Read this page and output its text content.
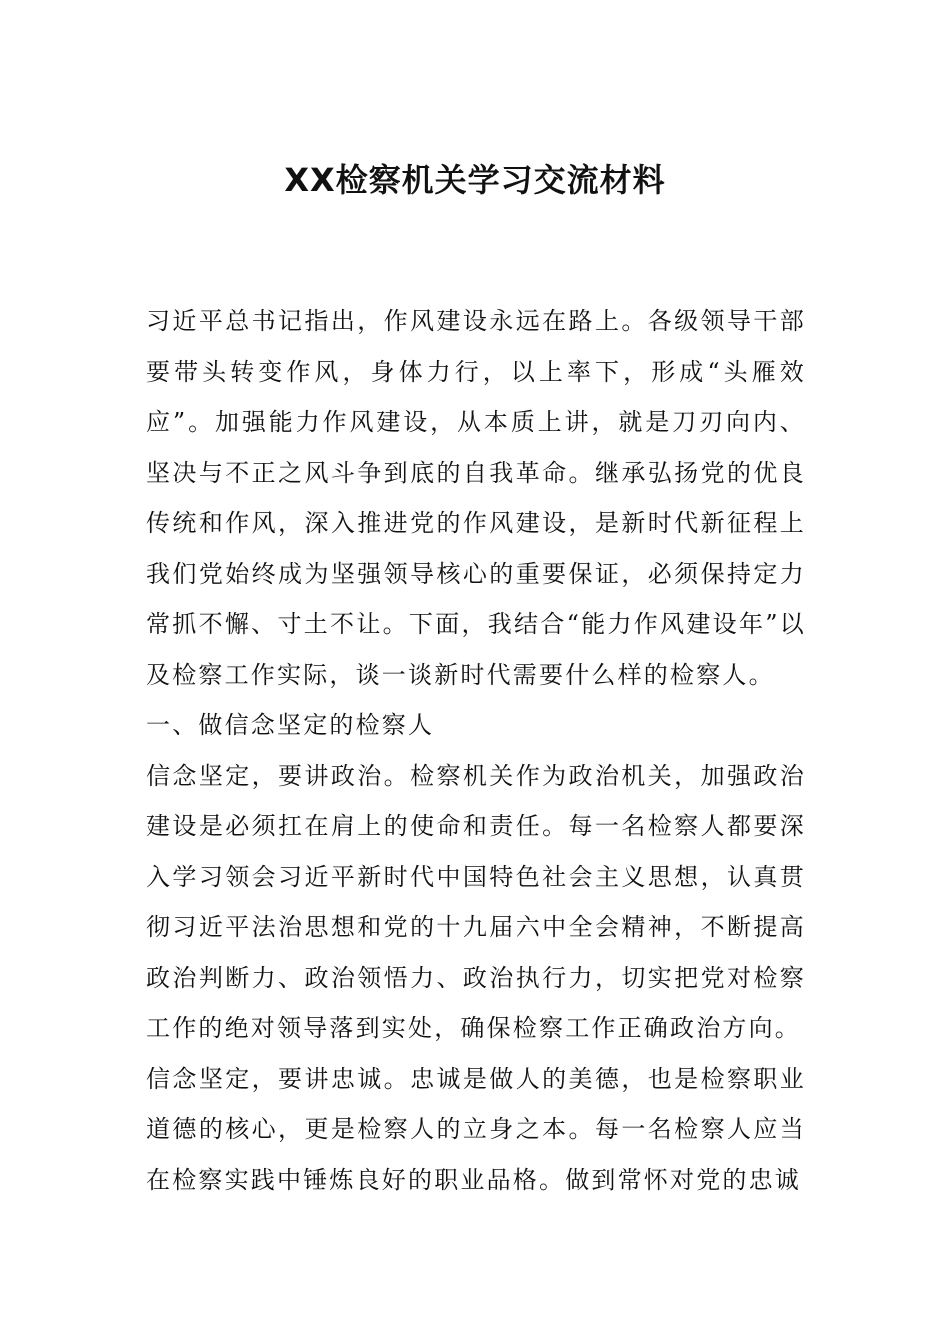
XX检察机关学习交流材料

习近平总书记指出，作风建设永远在路上。各级领导干部要带头转变作风，身体力行，以上率下，形成“头雁效应”。加强能力作风建设，从本质上讲，就是刀刃向内、坚决与不正之风斗争到底的自我革命。继承弘扬党的优良传统和作风，深入推进党的作风建设，是新时代新征程上我们党始终成为坚强领导核心的重要保证，必须保持定力常抓不懈、寸土不让。下面，我结合“能力作风建设年”以及检察工作实际，谈一谈新时代需要什么样的检察人。

一、做信念坚定的检察人

信念坚定，要讲政治。检察机关作为政治机关，加强政治建设是必须扛在肩上的使命和责任。每一名检察人都要深入学习领会习近平新时代中国特色社会主义思想，认真贯彻习近平法治思想和党的十九届六中全会精神，不断提高政治判断力、政治领悟力、政治执行力，切实把党对检察工作的绝对领导落到实处，确保检察工作正确政治方向。

信念坚定，要讲忠诚。忠诚是做人的美德，也是检察职业道德的核心，更是检察人的立身之本。每一名检察人应当在检察实践中锤炼良好的职业品格。做到常怀对党的忠诚
